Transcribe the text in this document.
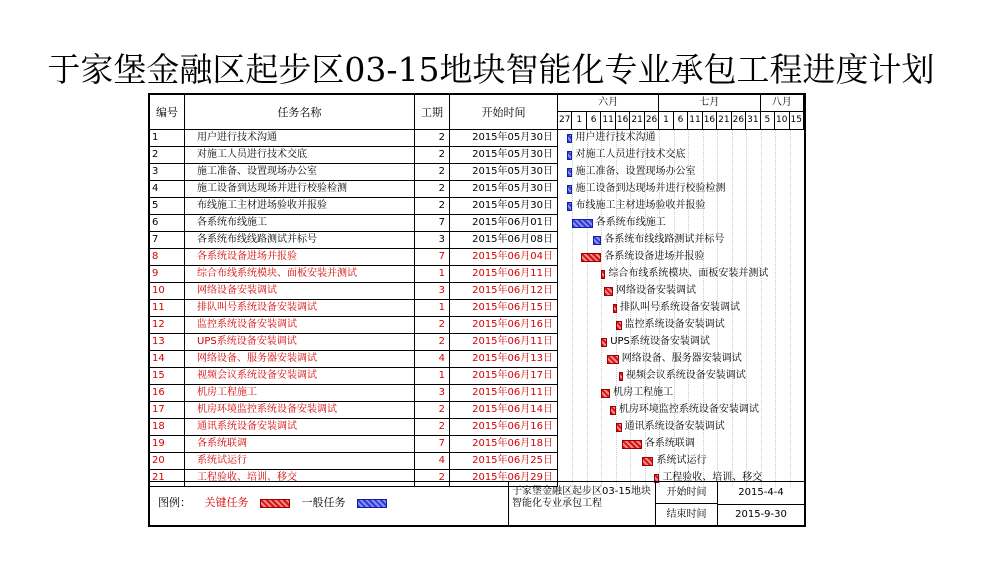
于家堡金融区起步区03-15地块智能化专业承包工程进度计划
编号	任务名称	工期	开始时间
六月	七月	八月
27 1 6 11 16 21 26 1 6 11 16 21 26 31 5 10 15
1	用户进行技术沟通	2	2015年05月30日
2	对施工人员进行技术交底	2	2015年05月30日
3	施工准备、设置现场办公室	2	2015年05月30日
4	施工设备到达现场并进行校验检测	2	2015年05月30日
5	布线施工主材进场验收并报验	2	2015年05月30日
6	各系统布线施工	7	2015年06月01日
7	各系统布线线路测试并标号	3	2015年06月08日
8	各系统设备进场并报验	7	2015年06月04日
9	综合布线系统模块、面板安装并测试	1	2015年06月11日
10	网络设备安装调试	3	2015年06月12日
11	排队叫号系统设备安装调试	1	2015年06月15日
12	监控系统设备安装调试	2	2015年06月16日
13	UPS系统设备安装调试	2	2015年06月11日
14	网络设备、服务器安装调试	4	2015年06月13日
15	视频会议系统设备安装调试	1	2015年06月17日
16	机房工程施工	3	2015年06月11日
17	机房环境监控系统设备安装调试	2	2015年06月14日
18	通讯系统设备安装调试	2	2015年06月16日
19	各系统联调	7	2015年06月18日
20	系统试运行	4	2015年06月25日
21	工程验收、培训、移交	2	2015年06月29日
用户进行技术沟通
对施工人员进行技术交底
施工准备、设置现场办公室
施工设备到达现场并进行校验检测
布线施工主材进场验收并报验
各系统布线施工
各系统布线线路测试并标号
各系统设备进场并报验
综合布线系统模块、面板安装并测试
网络设备安装调试
排队叫号系统设备安装调试
监控系统设备安装调试
UPS系统设备安装调试
网络设备、服务器安装调试
视频会议系统设备安装调试
机房工程施工
机房环境监控系统设备安装调试
通讯系统设备安装调试
各系统联调
系统试运行
工程验收、培训、移交
图例： 关键任务	一般任务
于家堡金融区起步区03-15地块智能化专业承包工程
开始时间	2015-4-4
结束时间	2015-9-30
